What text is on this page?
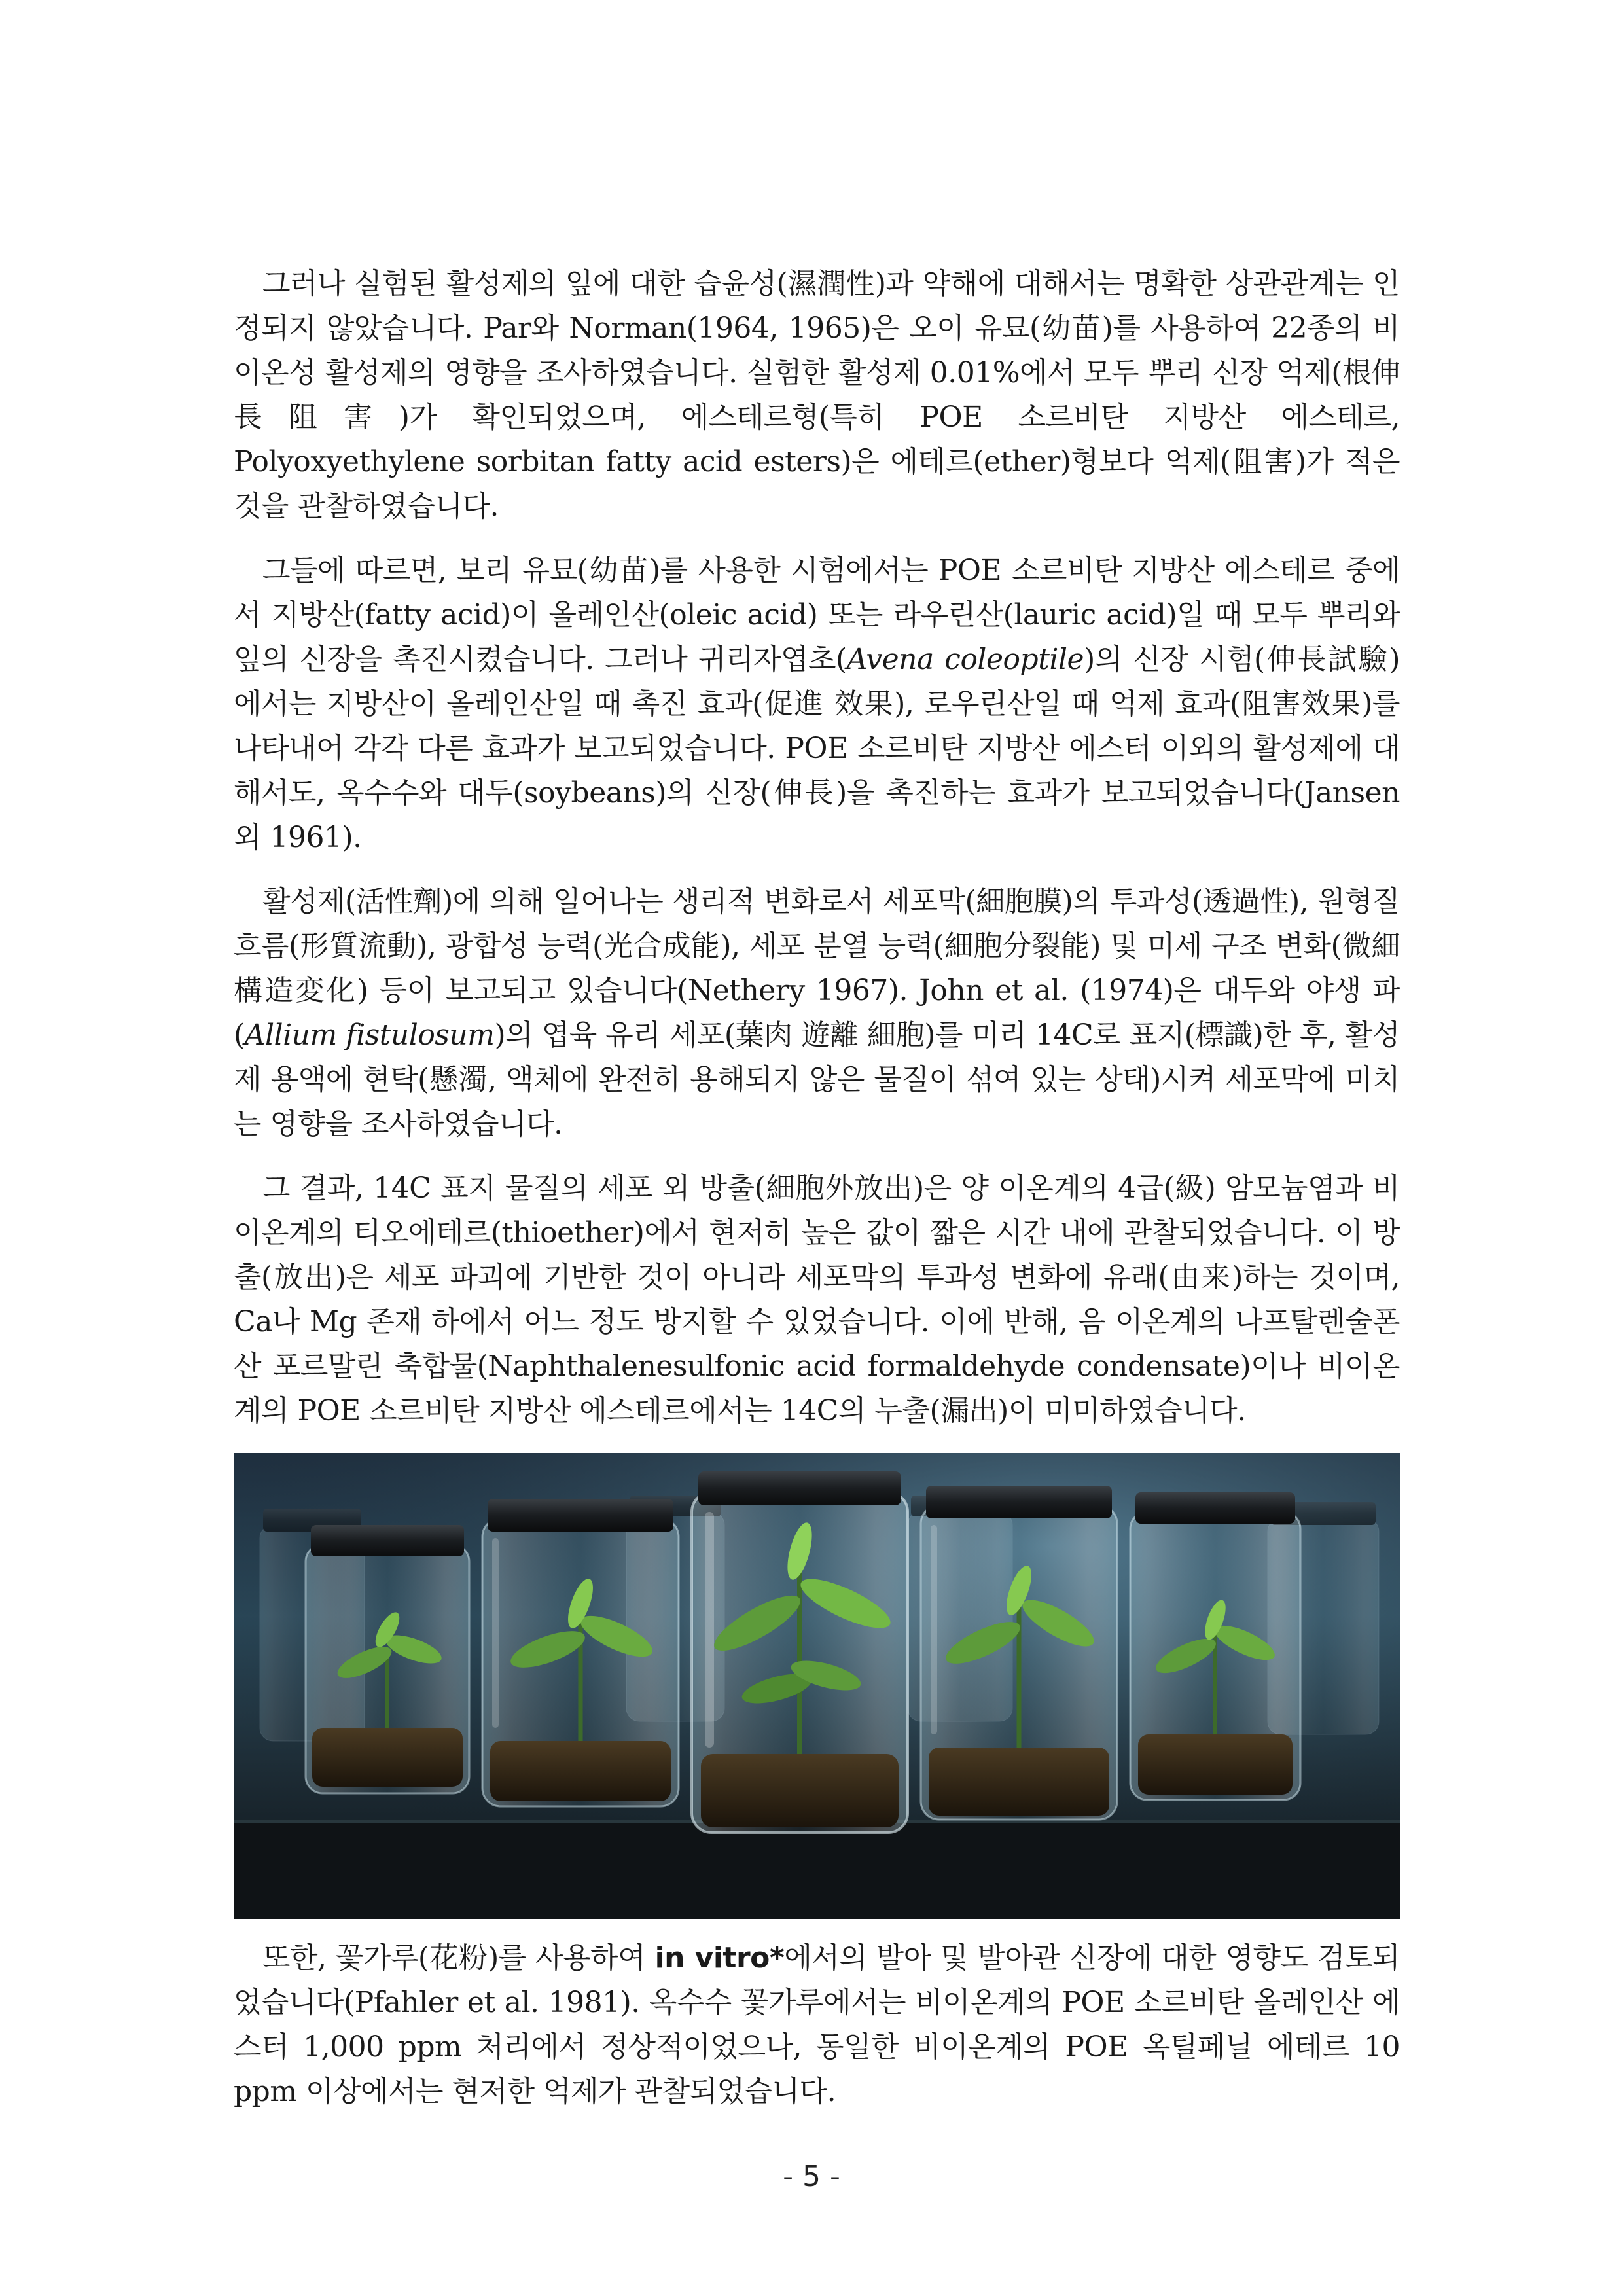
그러나 실험된 활성제의 잎에 대한 습윤성(濕潤性)과 약해에 대해서는 명확한 상관관계는 인정되지 않았습니다. Par와 Norman(1964, 1965)은 오이 유묘(幼苗)를 사용하여 22종의 비이온성 활성제의 영향을 조사하였습니다. 실험한 활성제 0.01%에서 모두 뿌리 신장 억제(根伸長阻害)가 확인되었으며, 에스테르형(특히 POE 소르비탄 지방산 에스테르, Polyoxyethylene sorbitan fatty acid esters)은 에테르(ether)형보다 억제(阻害)가 적은 것을 관찰하였습니다.

그들에 따르면, 보리 유묘(幼苗)를 사용한 시험에서는 POE 소르비탄 지방산 에스테르 중에서 지방산(fatty acid)이 올레인산(oleic acid) 또는 라우린산(lauric acid)일 때 모두 뿌리와 잎의 신장을 촉진시켰습니다. 그러나 귀리자엽초(Avena coleoptile)의 신장 시험(伸長試驗)에서는 지방산이 올레인산일 때 촉진 효과(促進 效果), 로우린산일 때 억제 효과(阻害效果)를 나타내어 각각 다른 효과가 보고되었습니다. POE 소르비탄 지방산 에스터 이외의 활성제에 대해서도, 옥수수와 대두(soybeans)의 신장(伸長)을 촉진하는 효과가 보고되었습니다(Jansen 외 1961).

활성제(活性劑)에 의해 일어나는 생리적 변화로서 세포막(細胞膜)의 투과성(透過性), 원형질흐름(形質流動), 광합성 능력(光合成能), 세포 분열 능력(細胞分裂能) 및 미세 구조 변화(微細構造変化) 등이 보고되고 있습니다(Nethery 1967). John et al. (1974)은 대두와 야생 파(Allium fistulosum)의 엽육 유리 세포(葉肉 遊離 細胞)를 미리 14C로 표지(標識)한 후, 활성제 용액에 현탁(懸濁, 액체에 완전히 용해되지 않은 물질이 섞여 있는 상태)시켜 세포막에 미치는 영향을 조사하였습니다.

그 결과, 14C 표지 물질의 세포 외 방출(細胞外放出)은 양 이온계의 4급(級) 암모늄염과 비이온계의 티오에테르(thioether)에서 현저히 높은 값이 짧은 시간 내에 관찰되었습니다. 이 방출(放出)은 세포 파괴에 기반한 것이 아니라 세포막의 투과성 변화에 유래(由来)하는 것이며, Ca나 Mg 존재 하에서 어느 정도 방지할 수 있었습니다. 이에 반해, 음 이온계의 나프탈렌술폰산 포르말린 축합물(Naphthalenesulfonic acid formaldehyde condensate)이나 비이온계의 POE 소르비탄 지방산 에스테르에서는 14C의 누출(漏出)이 미미하였습니다.

또한, 꽃가루(花粉)를 사용하여 in vitro*에서의 발아 및 발아관 신장에 대한 영향도 검토되었습니다(Pfahler et al. 1981). 옥수수 꽃가루에서는 비이온계의 POE 소르비탄 올레인산 에스터 1,000 ppm 처리에서 정상적이었으나, 동일한 비이온계의 POE 옥틸페닐 에테르 10 ppm 이상에서는 현저한 억제가 관찰되었습니다.

- 5 -
